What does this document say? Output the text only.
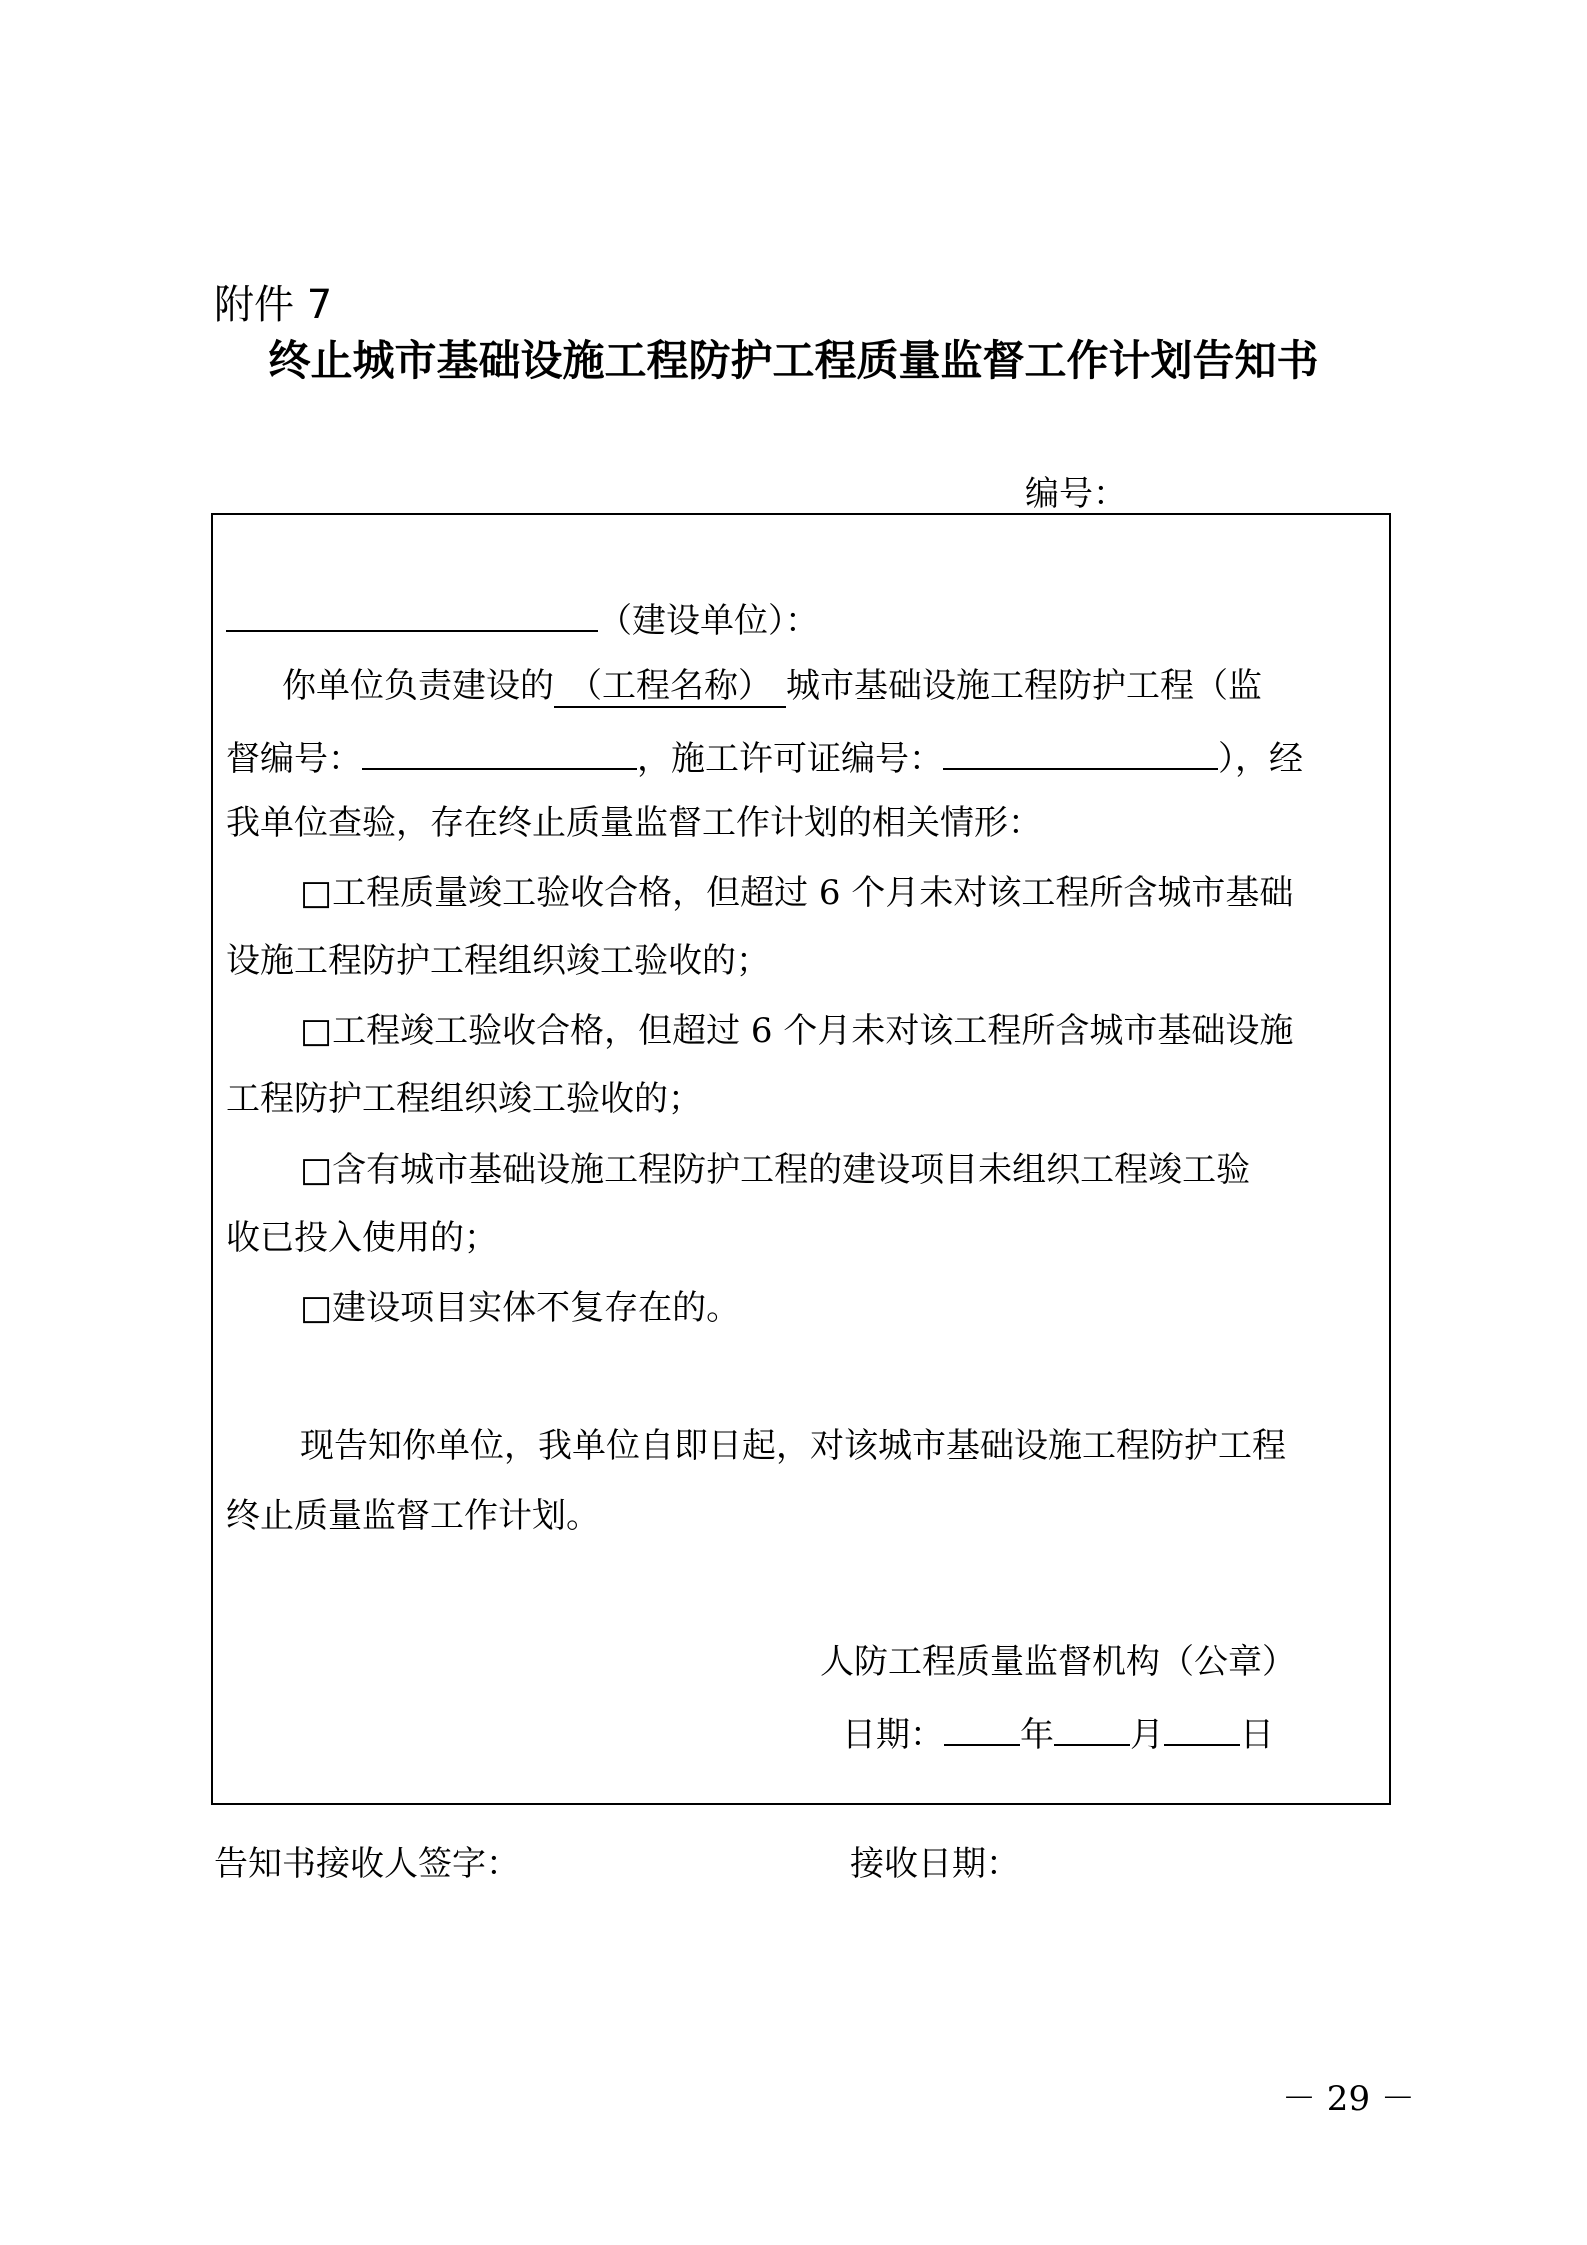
附件 7
终止城市基础设施工程防护工程质量监督工作计划告知书
编号：
（建设单位）：
你单位负责建设的 （工程名称） 城市基础设施工程防护工程（监
督编号：	，施工许可证编号：	），经
我单位查验，存在终止质量监督工作计划的相关情形：
□工程质量竣工验收合格，但超过 6 个月未对该工程所含城市基础
设施工程防护工程组织竣工验收的；
□工程竣工验收合格，但超过 6 个月未对该工程所含城市基础设施
工程防护工程组织竣工验收的；
□含有城市基础设施工程防护工程的建设项目未组织工程竣工验
收已投入使用的；
□建设项目实体不复存在的。
现告知你单位，我单位自即日起，对该城市基础设施工程防护工程
终止质量监督工作计划。
人防工程质量监督机构（公章）
日期： 年 月 日
告知书接收人签字：	接收日期：
－ 29 －
